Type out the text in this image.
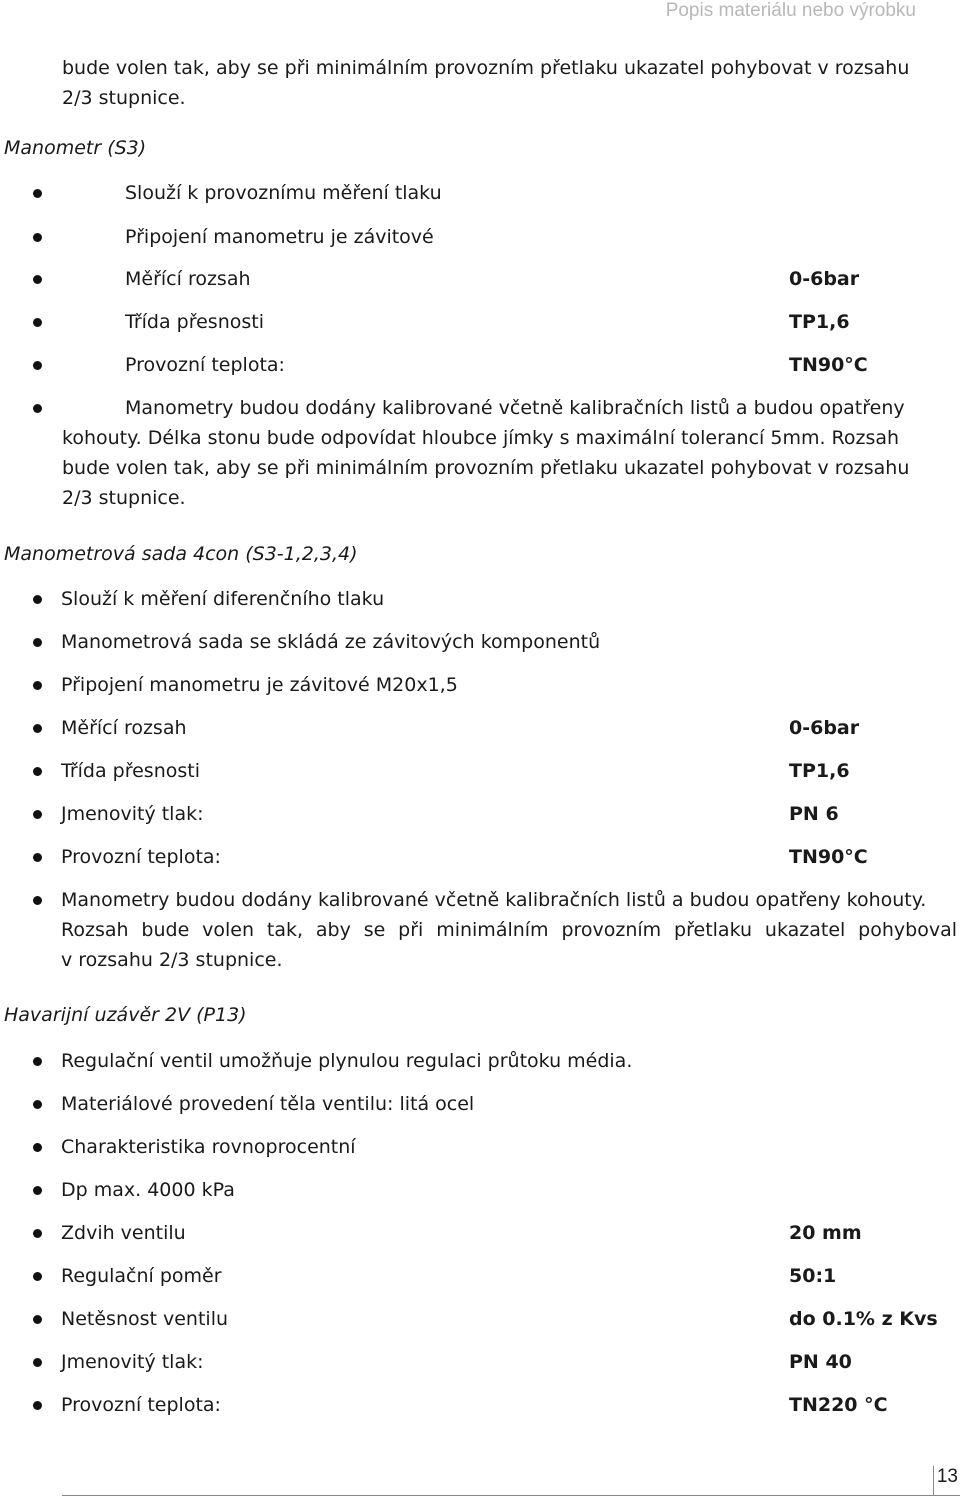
Popis materiálu nebo výrobku
bude volen tak, aby se při minimálním provozním přetlaku ukazatel pohybovat v rozsahu
2/3 stupnice.
Manometr (S3)
Slouží k provoznímu měření tlaku
Připojení manometru je závitové
Měřící rozsah	0-6bar
Třída přesnosti	TP1,6
Provozní teplota:	TN90°C
Manometry budou dodány kalibrované včetně kalibračních listů a budou opatřeny
kohouty. Délka stonu bude odpovídat hloubce jímky s maximální tolerancí 5mm. Rozsah
bude volen tak, aby se při minimálním provozním přetlaku ukazatel pohybovat v rozsahu
2/3 stupnice.
Manometrová sada 4con (S3-1,2,3,4)
Slouží k měření diferenčního tlaku
Manometrová sada se skládá ze závitových komponentů
Připojení manometru je závitové M20x1,5
Měřící rozsah	0-6bar
Třída přesnosti	TP1,6
Jmenovitý tlak:	PN 6
Provozní teplota:	TN90°C
Manometry budou dodány kalibrované včetně kalibračních listů a budou opatřeny kohouty.
Rozsah bude volen tak, aby se při minimálním provozním přetlaku ukazatel pohyboval
v rozsahu 2/3 stupnice.
Havarijní uzávěr 2V (P13)
Regulační ventil umožňuje plynulou regulaci průtoku média.
Materiálové provedení těla ventilu: litá ocel
Charakteristika rovnoprocentní
Dp max. 4000 kPa
Zdvih ventilu	20 mm
Regulační poměr	50:1
Netěsnost ventilu	do 0.1% z Kvs
Jmenovitý tlak:	PN 40
Provozní teplota:	TN220 °C
13
